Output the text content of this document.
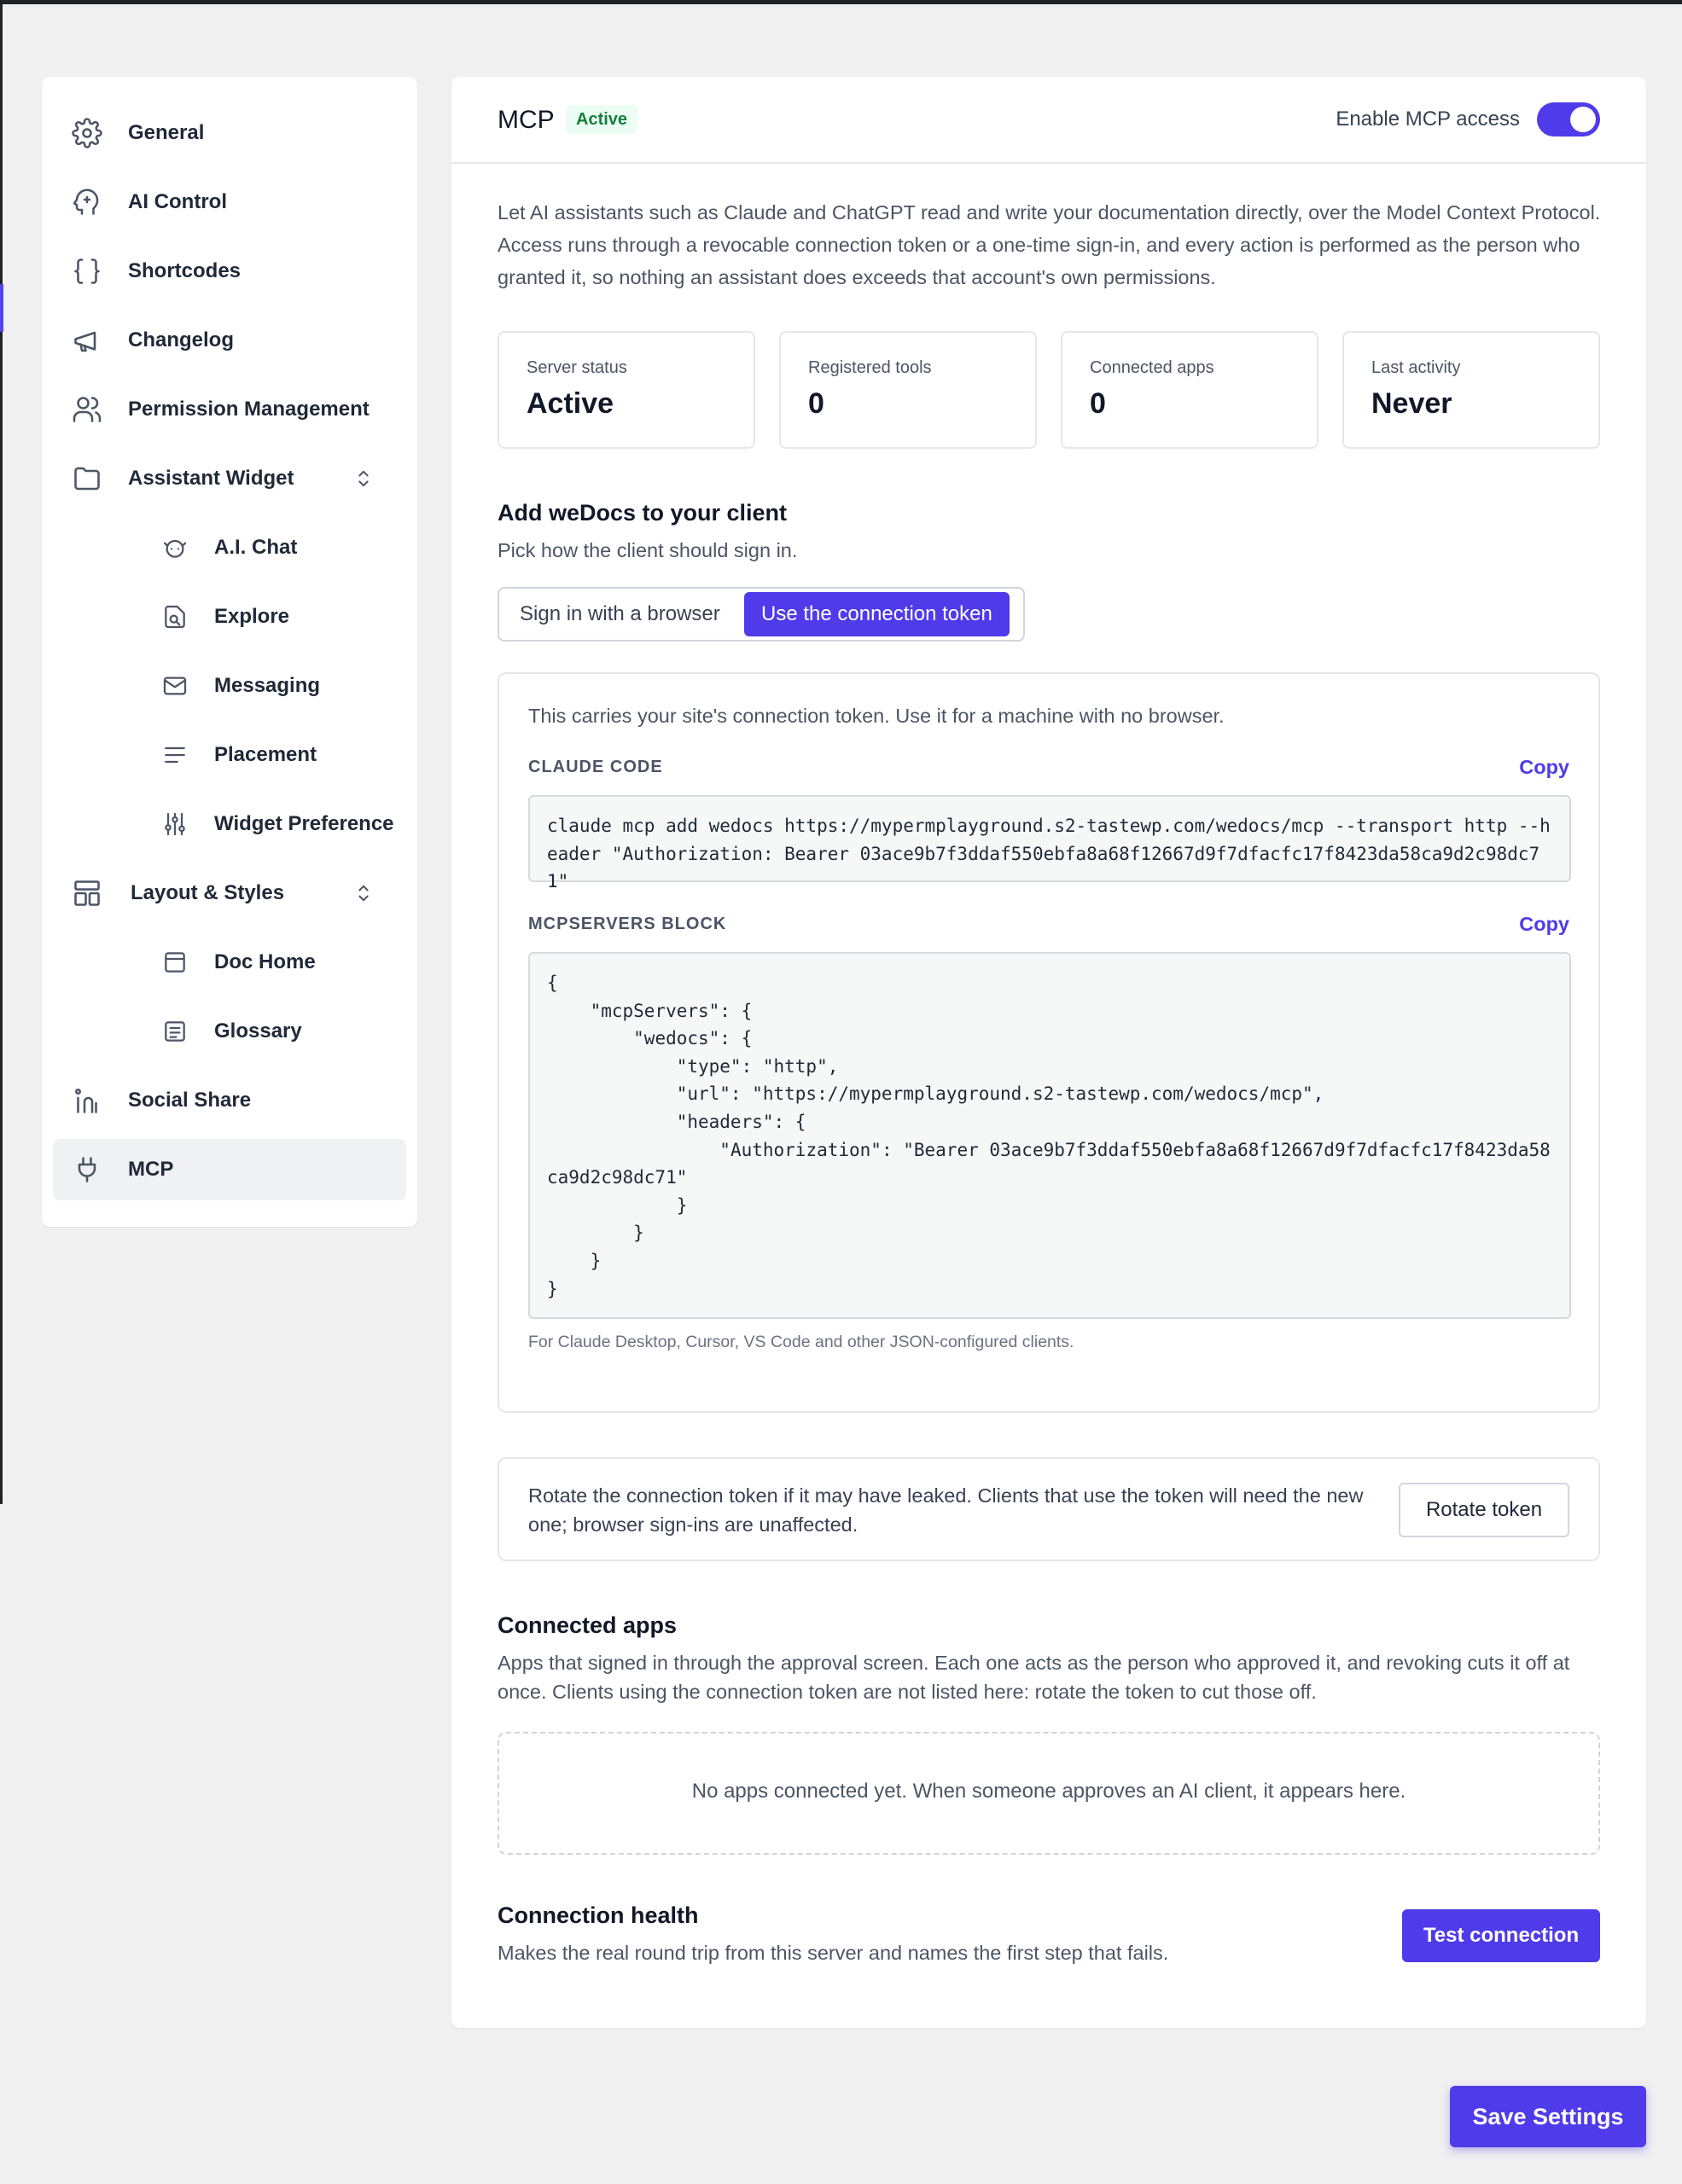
General
AI Control
Shortcodes
Changelog
Permission Management
Assistant Widget
A.I. Chat
Explore
Messaging
Placement
Widget Preference
Layout & Styles
Doc Home
Glossary
Social Share
MCP
MCP	Active	Enable MCP access

Let AI assistants such as Claude and ChatGPT read and write your documentation directly, over the Model Context Protocol. Access runs through a revocable connection token or a one-time sign-in, and every action is performed as the person who granted it, so nothing an assistant does exceeds that account's own permissions.

Server status
Active
Registered tools
0
Connected apps
0
Last activity
Never
Add weDocs to your client

Pick how the client should sign in.

Sign in with a browser	Use the connection token

This carries your site's connection token. Use it for a machine with no browser.

CLAUDE CODE	Copy
claude mcp add wedocs https://mypermplayground.s2-tastewp.com/wedocs/mcp --transport http --header "Authorization: Bearer 03ace9b7f3ddaf550ebfa8a68f12667d9f7dfacfc17f8423da58ca9d2c98dc71"
MCPSERVERS BLOCK	Copy
{
"mcpServers": {
"wedocs": {
"type": "http",
"url": "https://mypermplayground.s2-tastewp.com/wedocs/mcp",
"headers": {
"Authorization": "Bearer 03ace9b7f3ddaf550ebfa8a68f12667d9f7dfacfc17f8423da58ca9d2c98dc71"
}
}
}
}

For Claude Desktop, Cursor, VS Code and other JSON-configured clients.

Rotate the connection token if it may have leaked. Clients that use the token will need the new one; browser sign-ins are unaffected.

Rotate token
Connected apps

Apps that signed in through the approval screen. Each one acts as the person who approved it, and revoking cuts it off at once. Clients using the connection token are not listed here: rotate the token to cut those off.

No apps connected yet. When someone approves an AI client, it appears here.
Connection health

Makes the real round trip from this server and names the first step that fails.

Test connection
Save Settings
